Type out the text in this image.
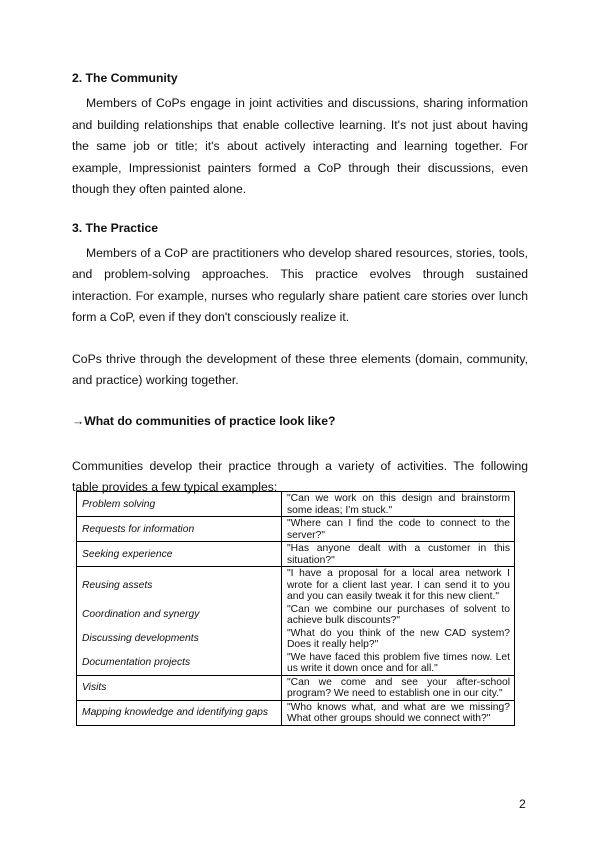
2. The Community

Members of CoPs engage in joint activities and discussions, sharing information and building relationships that enable collective learning. It's not just about having the same job or title; it's about actively interacting and learning together. For example, Impressionist painters formed a CoP through their discussions, even though they often painted alone.

3. The Practice

Members of a CoP are practitioners who develop shared resources, stories, tools, and problem-solving approaches. This practice evolves through sustained interaction. For example, nurses who regularly share patient care stories over lunch form a CoP, even if they don't consciously realize it.

CoPs thrive through the development of these three elements (domain, community, and practice) working together.

→What do communities of practice look like?

Communities develop their practice through a variety of activities. The following table provides a few typical examples:

Problem solving	"Can we work on this design and brainstorm some ideas; I'm stuck."
Requests for information	"Where can I find the code to connect to the server?"
Seeking experience	"Has anyone dealt with a customer in this situation?"
Reusing assets	"I have a proposal for a local area network I wrote for a client last year. I can send it to you and you can easily tweak it for this new client."
Coordination and synergy	"Can we combine our purchases of solvent to achieve bulk discounts?"
Discussing developments	"What do you think of the new CAD system? Does it really help?"
Documentation projects	"We have faced this problem five times now. Let us write it down once and for all."
Visits	"Can we come and see your after-school program? We need to establish one in our city."
Mapping knowledge and identifying gaps	"Who knows what, and what are we missing? What other groups should we connect with?"
2
